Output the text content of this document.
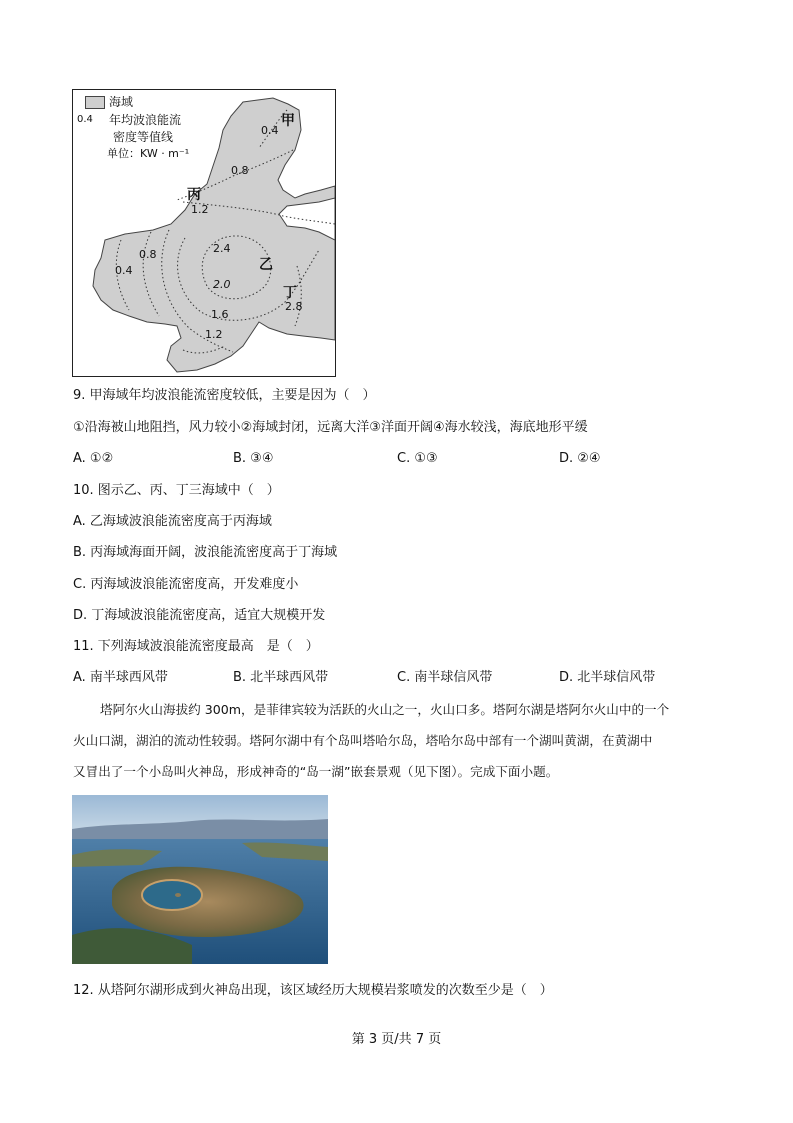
海域
0.4 年均波浪能流
密度等值线
单位：KW · m⁻¹
甲
丙
乙
丁
0.4
0.8
1.2
0.8
0.4
2.4
2.0
1.6
1.2
2.8
9. 甲海域年均波浪能流密度较低，主要是因为（　）
①沿海被山地阻挡，风力较小②海域封闭，远离大洋③洋面开阔④海水较浅，海底地形平缓
A. ①②	B. ③④	C. ①③	D. ②④
10. 图示乙、丙、丁三海域中（　）
A. 乙海域波浪能流密度高于丙海域
B. 丙海域海面开阔，波浪能流密度高于丁海域
C. 丙海域波浪能流密度高，开发难度小
D. 丁海域波浪能流密度高，适宜大规模开发
11. 下列海域波浪能流密度最高　是（　）
A. 南半球西风带	B. 北半球西风带	C. 南半球信风带	D. 北半球信风带
塔阿尔火山海拔约 300m，是菲律宾较为活跃的火山之一，火山口多。塔阿尔湖是塔阿尔火山中的一个
火山口湖，湖泊的流动性较弱。塔阿尔湖中有个岛叫塔哈尔岛，塔哈尔岛中部有一个湖叫黄湖，在黄湖中
又冒出了一个小岛叫火神岛，形成神奇的“岛一湖”嵌套景观（见下图）。完成下面小题。
12. 从塔阿尔湖形成到火神岛出现，该区域经历大规模岩浆喷发的次数至少是（　）
第 3 页/共 7 页
